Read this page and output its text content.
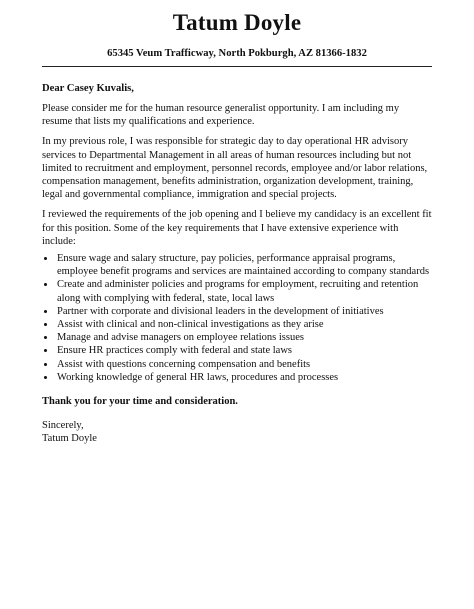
Tatum Doyle
65345 Veum Trafficway, North Pokburgh, AZ 81366-1832
Dear Casey Kuvalis,

Please consider me for the human resource generalist opportunity. I am including my resume that lists my qualifications and experience.

In my previous role, I was responsible for strategic day to day operational HR advisory services to Departmental Management in all areas of human resources including but not limited to recruitment and employment, personnel records, employee and/or labor relations, compensation management, benefits administration, organization development, training, legal and governmental compliance, immigration and special projects.

I reviewed the requirements of the job opening and I believe my candidacy is an excellent fit for this position. Some of the key requirements that I have extensive experience with include:

• Ensure wage and salary structure, pay policies, performance appraisal programs, employee benefit programs and services are maintained according to company standards
• Create and administer policies and programs for employment, recruiting and retention along with complying with federal, state, local laws
• Partner with corporate and divisional leaders in the development of initiatives
• Assist with clinical and non-clinical investigations as they arise
• Manage and advise managers on employee relations issues
• Ensure HR practices comply with federal and state laws
• Assist with questions concerning compensation and benefits
• Working knowledge of general HR laws, procedures and processes

Thank you for your time and consideration.

Sincerely,

Tatum Doyle
